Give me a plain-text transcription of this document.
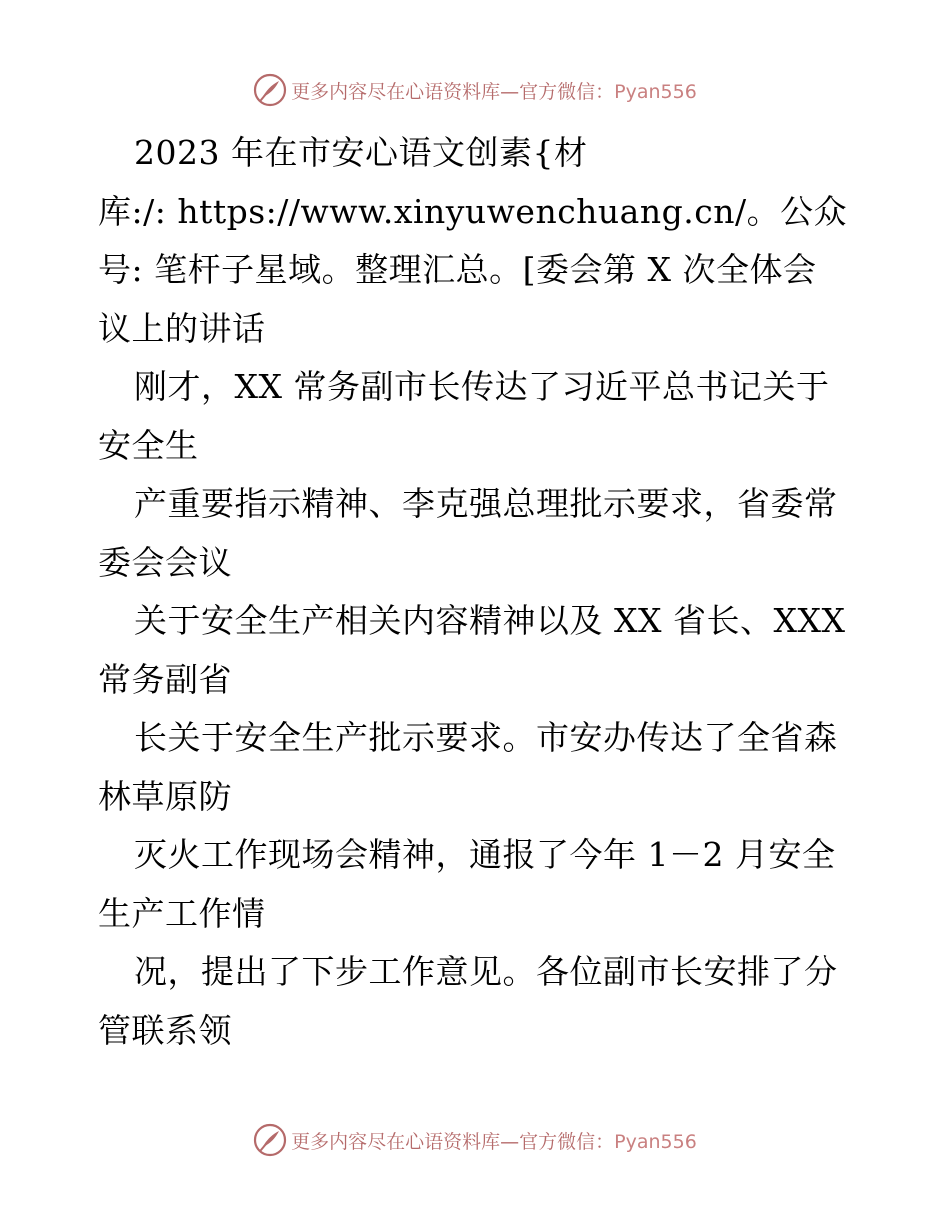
更多内容尽在心语资料库—官方微信：Pyan556
2023 年在市安心语文创素{材
库:/: https://www.xinyuwenchuang.cn/。公众
号: 笔杆子星域。整理汇总。[委会第 X 次全体会
议上的讲话
刚才，XX 常务副市长传达了习近平总书记关于
安全生
产重要指示精神、李克强总理批示要求，省委常
委会会议
关于安全生产相关内容精神以及 XX 省长、XXX
常务副省
长关于安全生产批示要求。市安办传达了全省森
林草原防
灭火工作现场会精神，通报了今年 1－2 月安全
生产工作情
况，提出了下步工作意见。各位副市长安排了分
管联系领
更多内容尽在心语资料库—官方微信：Pyan556
